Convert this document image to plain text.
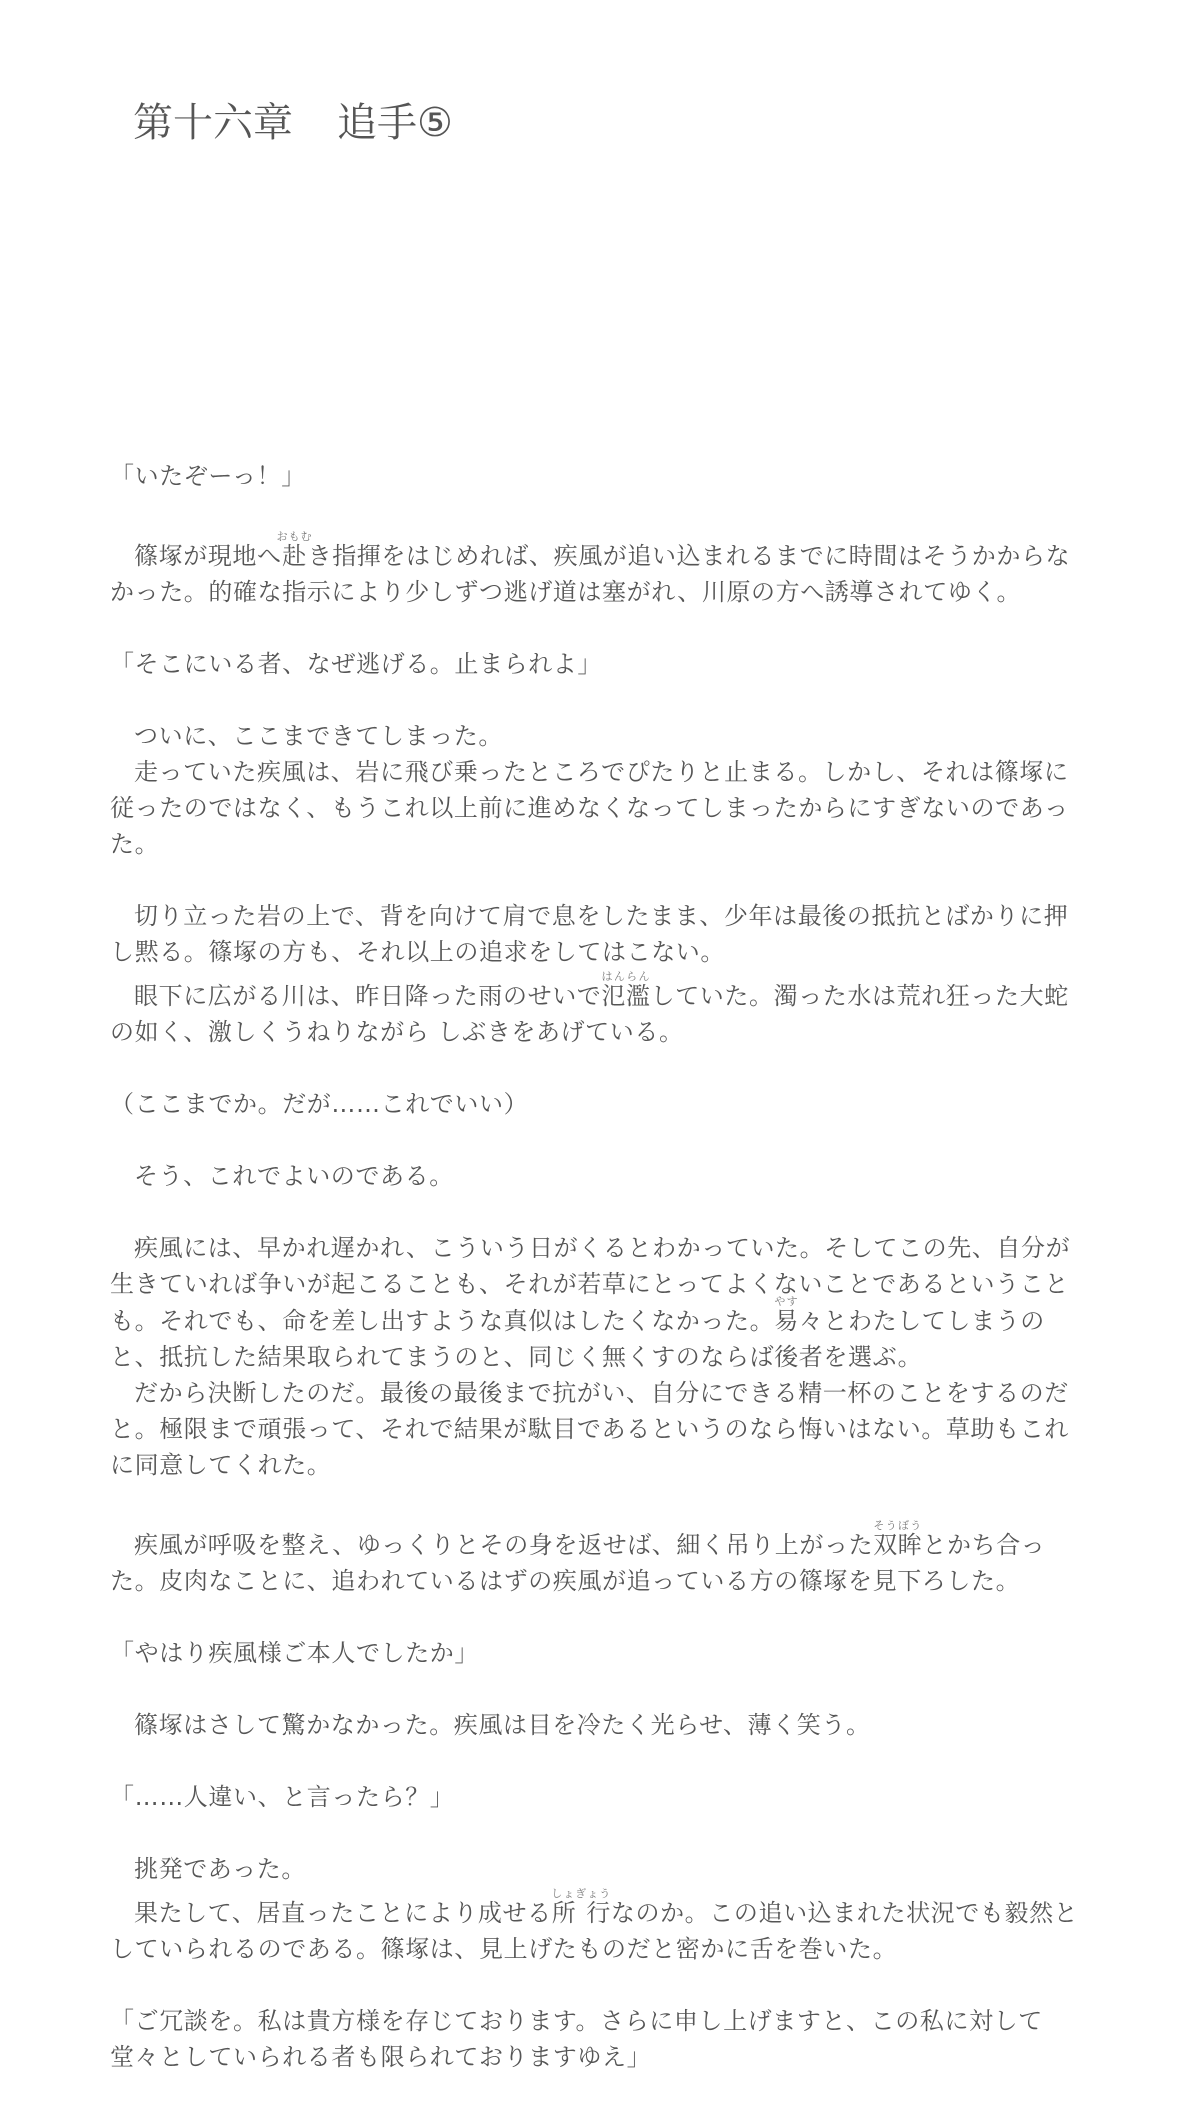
第十六章 追手⑤

「いたぞーっ！」

篠塚が現地へ赴おもむき指揮をはじめれば、疾風が追い込まれるまでに時間はそうかからなかった。的確な指示により少しずつ逃げ道は塞がれ、川原の方へ誘導されてゆく。

「そこにいる者、なぜ逃げる。止まられよ」

ついに、ここまできてしまった。

走っていた疾風は、岩に飛び乗ったところでぴたりと止まる。しかし、それは篠塚に従ったのではなく、もうこれ以上前に進めなくなってしまったからにすぎないのであった。

切り立った岩の上で、背を向けて肩で息をしたまま、少年は最後の抵抗とばかりに押し黙る。篠塚の方も、それ以上の追求をしてはこない。

眼下に広がる川は、昨日降った雨のせいで氾濫はんらんしていた。濁った水は荒れ狂った大蛇の如く、激しくうねりながら しぶきをあげている。

（ここまでか。だが……これでいい）

そう、これでよいのである。

疾風には、早かれ遅かれ、こういう日がくるとわかっていた。そしてこの先、自分が生きていれば争いが起こることも、それが若草にとってよくないことであるということも。それでも、命を差し出すような真似はしたくなかった。易やす々とわたしてしまうのと、抵抗した結果取られてまうのと、同じく無くすのならば後者を選ぶ。

だから決断したのだ。最後の最後まで抗がい、自分にできる精一杯のことをするのだと。極限まで頑張って、それで結果が駄目であるというのなら悔いはない。草助もこれに同意してくれた。

疾風が呼吸を整え、ゆっくりとその身を返せば、細く吊り上がった双眸そうぼうとかち合った。皮肉なことに、追われているはずの疾風が追っている方の篠塚を見下ろした。

「やはり疾風様ご本人でしたか」

篠塚はさして驚かなかった。疾風は目を冷たく光らせ、薄く笑う。

「……人違い、と言ったら？」

挑発であった。

果たして、居直ったことにより成せる所 行しょぎょうなのか。この追い込まれた状況でも毅然としていられるのである。篠塚は、見上げたものだと密かに舌を巻いた。

「ご冗談を。私は貴方様を存じております。さらに申し上げますと、この私に対して
堂々としていられる者も限られておりますゆえ」
